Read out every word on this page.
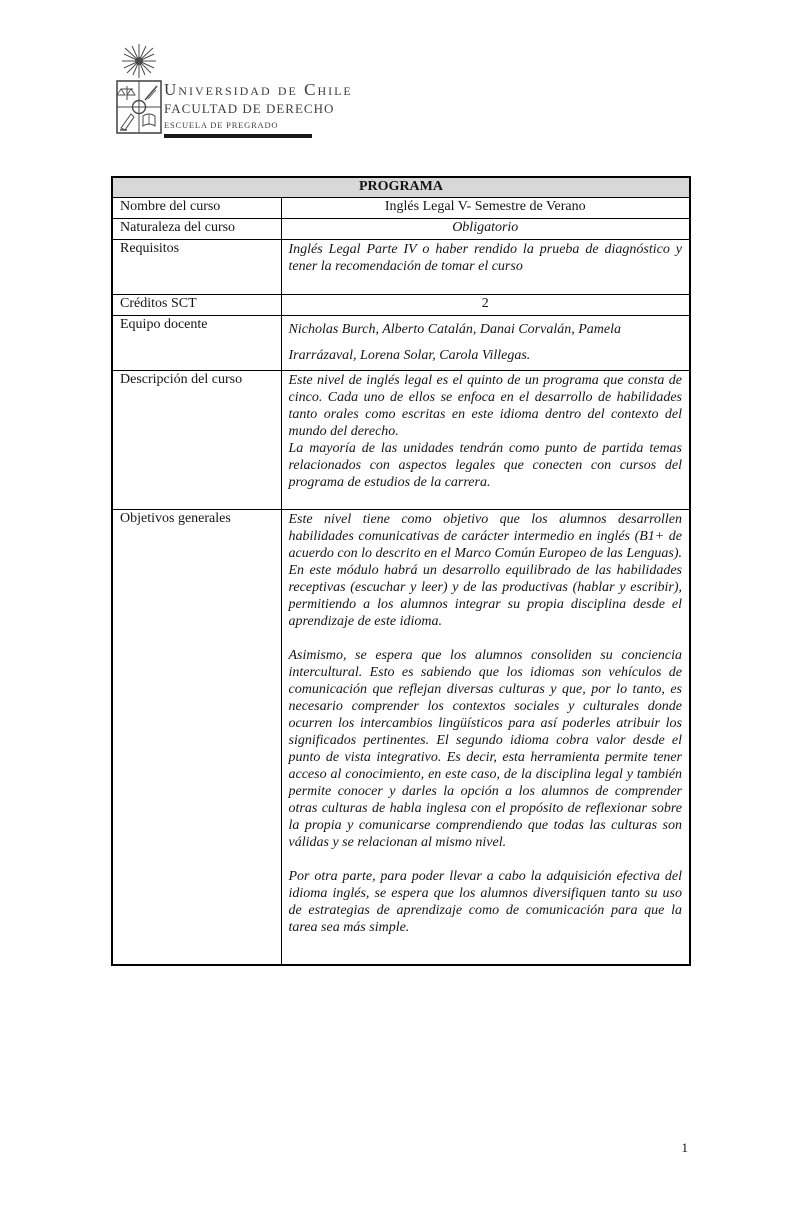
Universidad de Chile
FACULTAD DE DERECHO
ESCUELA DE PREGRADO
PROGRAMA	
Nombre del curso	Inglés Legal V- Semestre de Verano
Naturaleza del curso	Obligatorio
Requisitos	Inglés Legal Parte IV o haber rendido la prueba de diagnóstico y tener la recomendación de tomar el curso

Créditos SCT	2
Equipo docente	Nicholas Burch, Alberto Catalán, Danai Corvalán, Pamela Irarrázaval, Lorena Solar, Carola Villegas.

Descripción del curso	Este nivel de inglés legal es el quinto de un programa que consta de cinco. Cada uno de ellos se enfoca en el desarrollo de habilidades tanto orales como escritas en este idioma dentro del contexto del mundo del derecho.

La mayoría de las unidades tendrán como punto de partida temas relacionados con aspectos legales que conecten con cursos del programa de estudios de la carrera.

Objetivos generales	Este nivel tiene como objetivo que los alumnos desarrollen habilidades comunicativas de carácter intermedio en inglés (B1+ de acuerdo con lo descrito en el Marco Común Europeo de las Lenguas). En este módulo habrá un desarrollo equilibrado de las habilidades receptivas (escuchar y leer) y de las productivas (hablar y escribir), permitiendo a los alumnos integrar su propia disciplina desde el aprendizaje de este idioma.

Asimismo, se espera que los alumnos consoliden su conciencia intercultural. Esto es sabiendo que los idiomas son vehículos de comunicación que reflejan diversas culturas y que, por lo tanto, es necesario comprender los contextos sociales y culturales donde ocurren los intercambios lingüísticos para así poderles atribuir los significados pertinentes. El segundo idioma cobra valor desde el punto de vista integrativo. Es decir, esta herramienta permite tener acceso al conocimiento, en este caso, de la disciplina legal y también permite conocer y darles la opción a los alumnos de comprender otras culturas de habla inglesa con el propósito de reflexionar sobre la propia y comunicarse comprendiendo que todas las culturas son válidas y se relacionan al mismo nivel.

Por otra parte, para poder llevar a cabo la adquisición efectiva del idioma inglés, se espera que los alumnos diversifiquen tanto su uso de estrategias de aprendizaje como de comunicación para que la tarea sea más simple.

1
